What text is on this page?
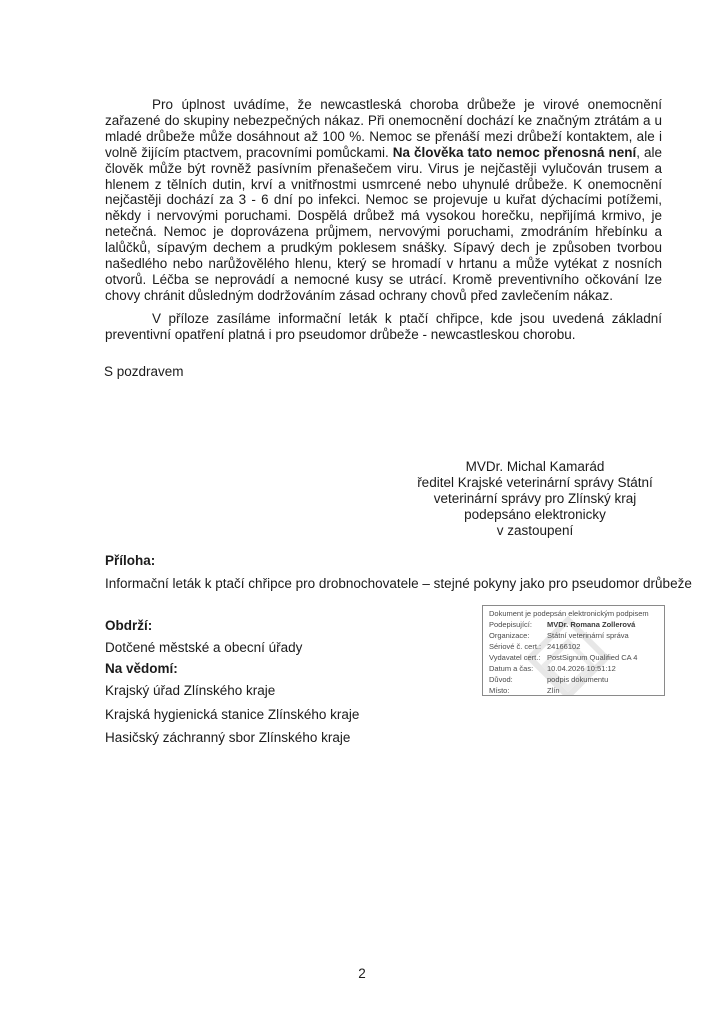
Pro úplnost uvádíme, že newcastleská choroba drůbeže je virové onemocnění zařazené do skupiny nebezpečných nákaz. Při onemocnění dochází ke značným ztrátám a u mladé drůbeže může dosáhnout až 100 %. Nemoc se přenáší mezi drůbeží kontaktem, ale i volně žijícím ptactvem, pracovními pomůckami. Na člověka tato nemoc přenosná není, ale člověk může být rovněž pasívním přenašečem viru. Virus je nejčastěji vylučován trusem a hlenem z tělních dutin, krví a vnitřnostmi usmrcené nebo uhynulé drůbeže. K onemocnění nejčastěji dochází za 3 - 6 dní po infekci. Nemoc se projevuje u kuřat dýchacími potížemi, někdy i nervovými poruchami. Dospělá drůbež má vysokou horečku, nepřijímá krmivo, je netečná. Nemoc je doprovázena průjmem, nervovými poruchami, zmodráním hřebínku a lalůčků, sípavým dechem a prudkým poklesem snášky. Sípavý dech je způsoben tvorbou našedlého nebo narůžovělého hlenu, který se hromadí v hrtanu a může vytékat z nosních otvorů. Léčba se neprovádí a nemocné kusy se utrácí. Kromě preventivního očkování lze chovy chránit důsledným dodržováním zásad ochrany chovů před zavlečením nákaz.

V příloze zasíláme informační leták k ptačí chřipce, kde jsou uvedená základní preventivní opatření platná i pro pseudomor drůbeže - newcastleskou chorobu.

S pozdravem
MVDr. Michal Kamarád
ředitel Krajské veterinární správy Státní
veterinární správy pro Zlínský kraj
podepsáno elektronicky
v zastoupení
Příloha:
Informační leták k ptačí chřipce pro drobnochovatele – stejné pokyny jako pro pseudomor drůbeže
Obdrží:
Dotčené městské a obecní úřady
Na vědomí:
Krajský úřad Zlínského kraje
Krajská hygienická stanice Zlínského kraje
Hasičský záchranný sbor Zlínského kraje
Dokument je podepsán elektronickým podpisem
Podepisující:	MVDr. Romana Zollerová
Organizace:	Státní veterinární správa
Sériové č. cert.: 24166102
Vydavatel cert.: PostSignum Qualified CA 4
Datum a čas:	10.04.2026 10:51:12
Důvod:	podpis dokumentu
Místo:	Zlín
2
